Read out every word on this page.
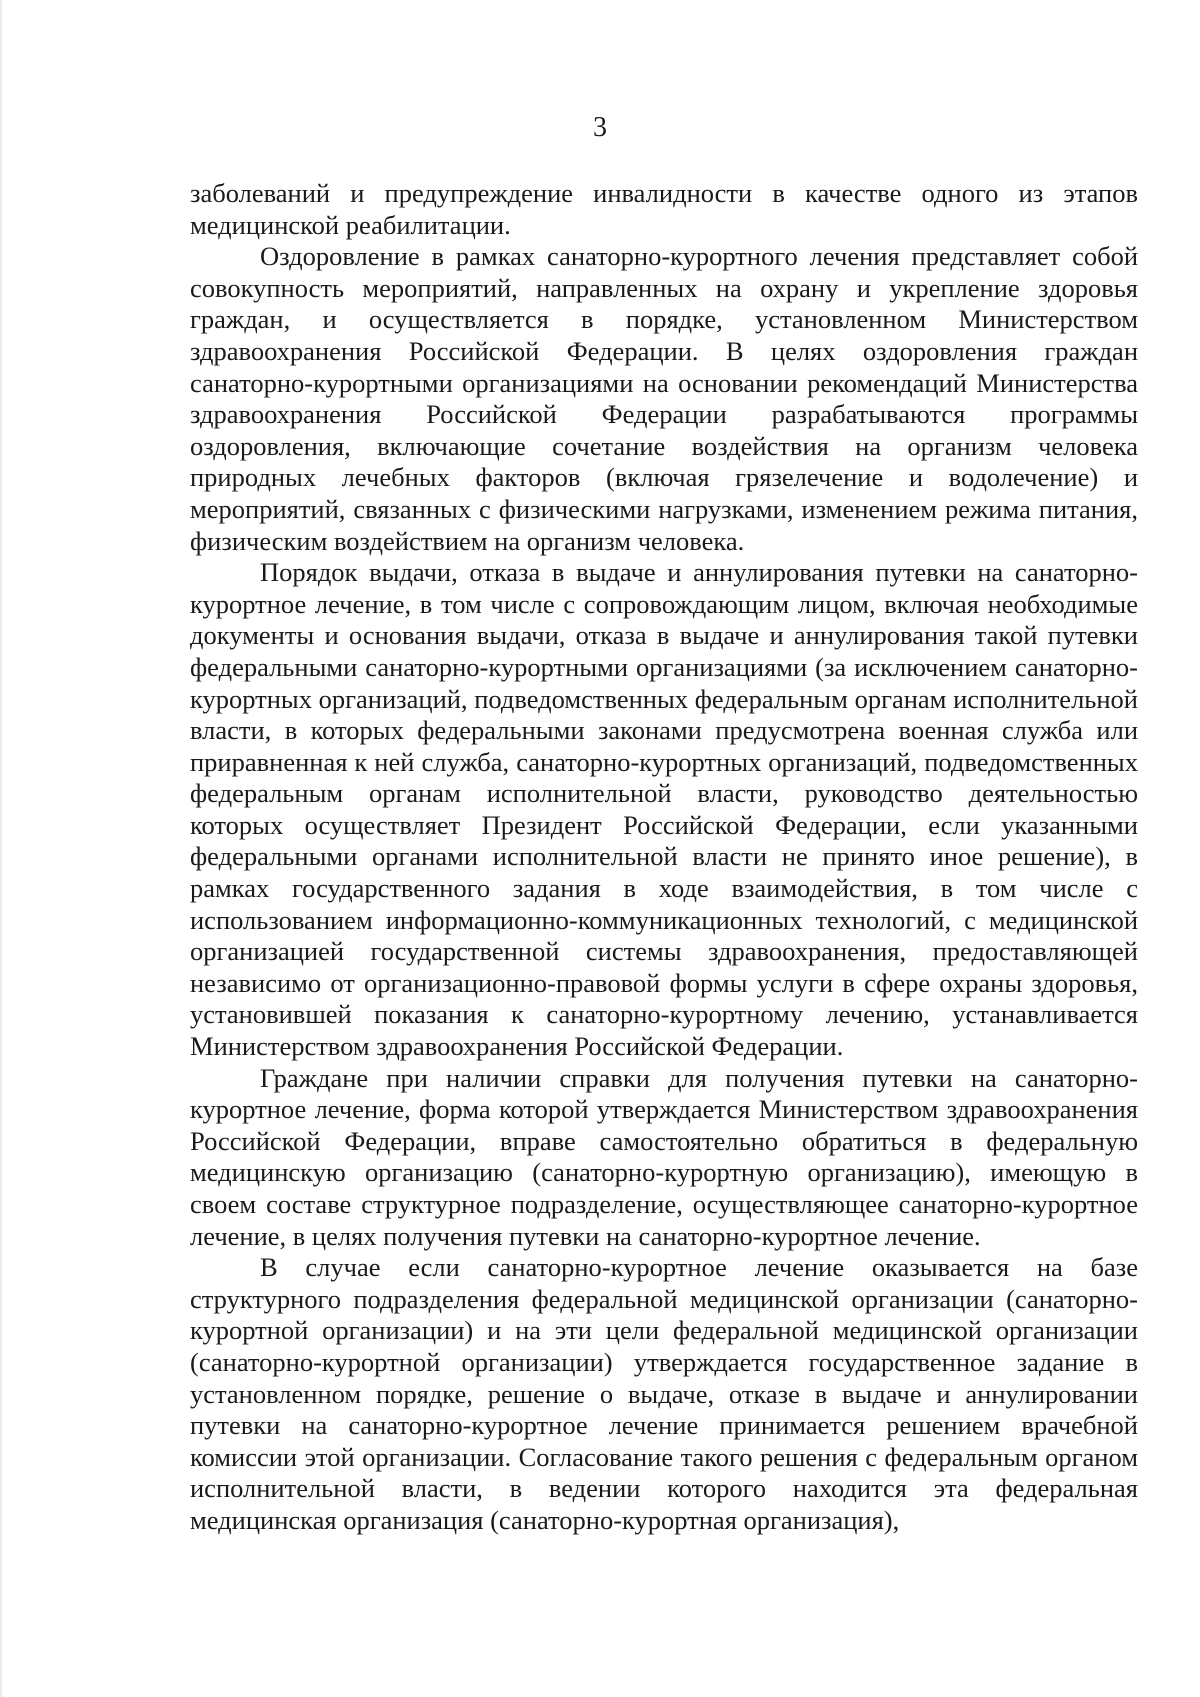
3

заболеваний и предупреждение инвалидности в качестве одного из этапов медицинской реабилитации.

Оздоровление в рамках санаторно-курортного лечения представляет собой совокупность мероприятий, направленных на охрану и укрепление здоровья граждан, и осуществляется в порядке, установленном Министерством здравоохранения Российской Федерации. В целях оздоровления граждан санаторно-курортными организациями на основании рекомендаций Министерства здравоохранения Российской Федерации разрабатываются программы оздоровления, включающие сочетание воздействия на организм человека природных лечебных факторов (включая грязелечение и водолечение) и мероприятий, связанных с физическими нагрузками, изменением режима питания, физическим воздействием на организм человека.

Порядок выдачи, отказа в выдаче и аннулирования путевки на санаторно-курортное лечение, в том числе с сопровождающим лицом, включая необходимые документы и основания выдачи, отказа в выдаче и аннулирования такой путевки федеральными санаторно-курортными организациями (за исключением санаторно-курортных организаций, подведомственных федеральным органам исполнительной власти, в которых федеральными законами предусмотрена военная служба или приравненная к ней служба, санаторно-курортных организаций, подведомственных федеральным органам исполнительной власти, руководство деятельностью которых осуществляет Президент Российской Федерации, если указанными федеральными органами исполнительной власти не принято иное решение), в рамках государственного задания в ходе взаимодействия, в том числе с использованием информационно-коммуникационных технологий, с медицинской организацией государственной системы здравоохранения, предоставляющей независимо от организационно-правовой формы услуги в сфере охраны здоровья, установившей показания к санаторно-курортному лечению, устанавливается Министерством здравоохранения Российской Федерации.

Граждане при наличии справки для получения путевки на санаторно-курортное лечение, форма которой утверждается Министерством здравоохранения Российской Федерации, вправе самостоятельно обратиться в федеральную медицинскую организацию (санаторно-курортную организацию), имеющую в своем составе структурное подразделение, осуществляющее санаторно-курортное лечение, в целях получения путевки на санаторно-курортное лечение.

В случае если санаторно-курортное лечение оказывается на базе структурного подразделения федеральной медицинской организации (санаторно-курортной организации) и на эти цели федеральной медицинской организации (санаторно-курортной организации) утверждается государственное задание в установленном порядке, решение о выдаче, отказе в выдаче и аннулировании путевки на санаторно-курортное лечение принимается решением врачебной комиссии этой организации. Согласование такого решения с федеральным органом исполнительной власти, в ведении которого находится эта федеральная медицинская организация (санаторно-курортная организация),
